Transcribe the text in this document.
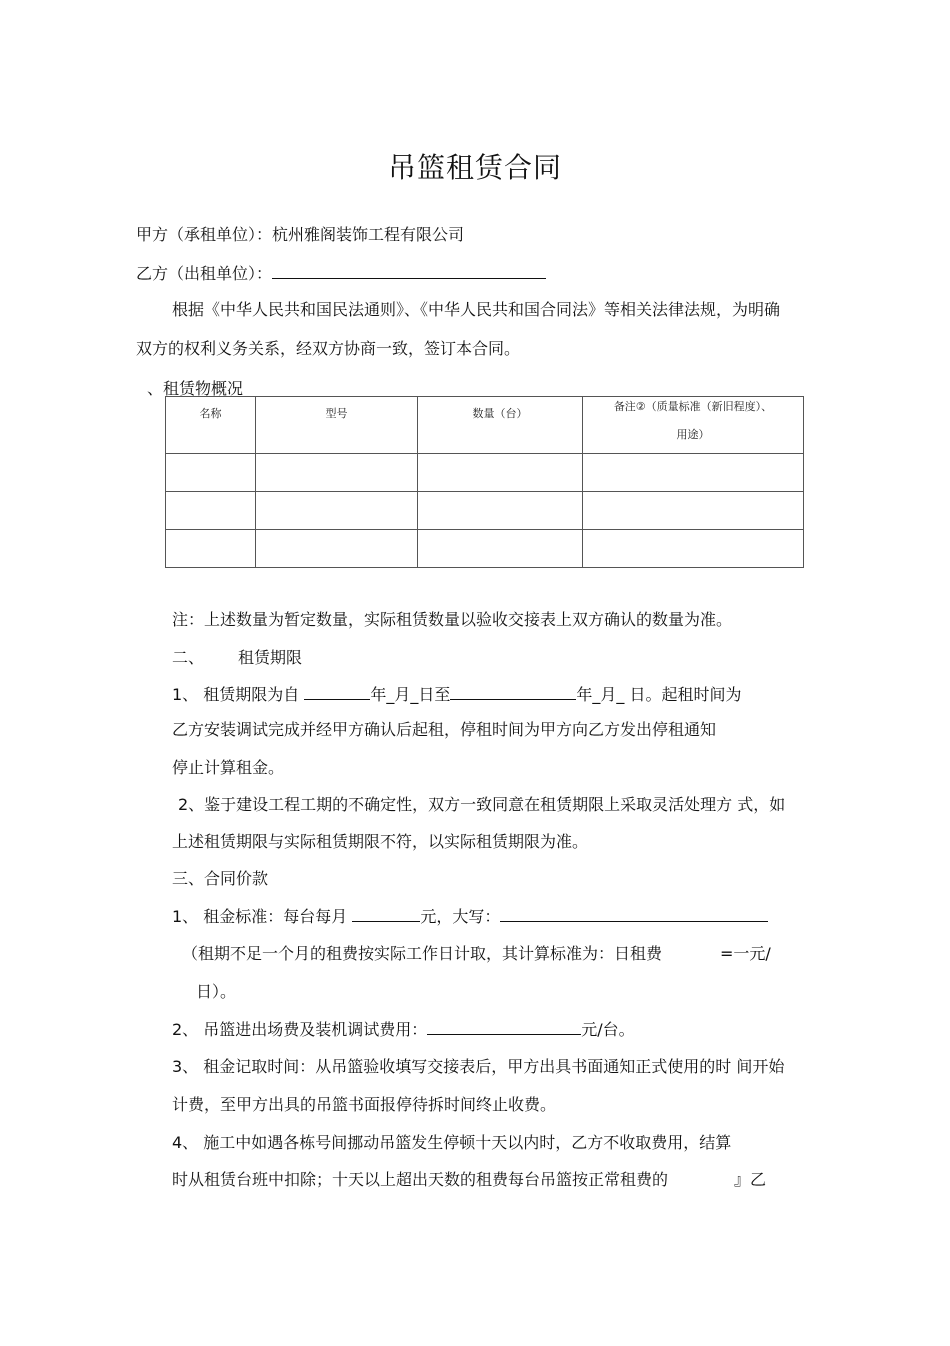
吊篮租赁合同
甲方（承租单位）：杭州雅阁装饰工程有限公司
乙方（出租单位）：
根据《中华人民共和国民法通则》、《中华人民共和国合同法》等相关法律法规，为明确
双方的权利义务关系，经双方协商一致，签订本合同。
、租赁物概况
名称	型号	数量（台）	备注②（质量标准（新旧程度）、
用途）

注：上述数量为暂定数量，实际租赁数量以验收交接表上双方确认的数量为准。
二、 租赁期限
1、 租赁期限为自	年_月_日至	年_月_ 日。起租时间为
乙方安装调试完成并经甲方确认后起租，停租时间为甲方向乙方发出停租通知
停止计算租金。
2、鉴于建设工程工期的不确定性，双方一致同意在租赁期限上采取灵活处理方 式，如
上述租赁期限与实际租赁期限不符，以实际租赁期限为准。
三、合同价款
1、 租金标准：每台每月	元，大写：
（租期不足一个月的租费按实际工作日计取，其计算标准为：日租费	=一元/
日）。
2、 吊篮进出场费及装机调试费用：	元/台。
3、 租金记取时间：从吊篮验收填写交接表后，甲方出具书面通知正式使用的时 间开始
计费，至甲方出具的吊篮书面报停待拆时间终止收费。
4、 施工中如遇各栋号间挪动吊篮发生停顿十天以内时，乙方不收取费用，结算
时从租赁台班中扣除；十天以上超出天数的租费每台吊篮按正常租费的	』乙
